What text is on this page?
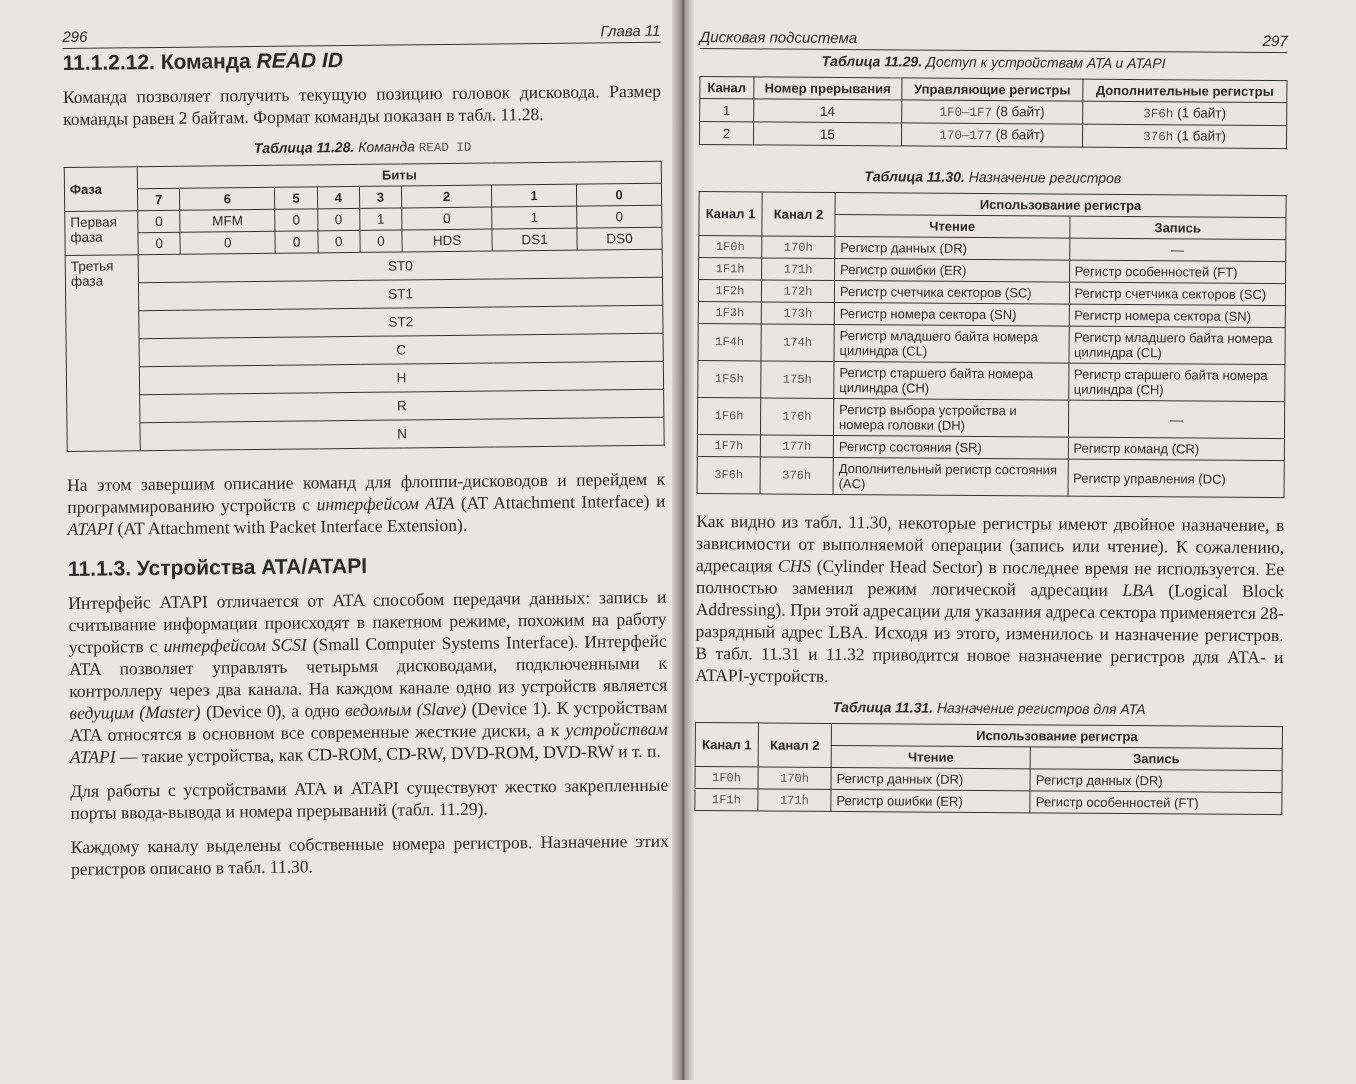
296	Глава 11
11.1.2.12. Команда READ ID

Команда позволяет получить текущую позицию головок дисковода. Размер команды равен 2 байтам. Формат команды показан в табл. 11.28.

Таблица 11.28. Команда READ ID
Фаза	Биты							
	7	6	5	4	3	2	1	0
Первая фаза	0	MFM	0	0	1	0	1	0
	0	0	0	0	0	HDS	DS1	DS0
Третья фаза	ST0							
	ST1							
	ST2							
	C							
	H							
	R							
	N							

На этом завершим описание команд для флоппи-дисководов и перейдем к программированию устройств с интерфейсом ATA (AT Attachment Interface) и ATAPI (AT Attachment with Packet Interface Extension).

11.1.3. Устройства ATA/ATAPI

Интерфейс ATAPI отличается от ATA способом передачи данных: запись и считывание информации происходят в пакетном режиме, похожим на работу устройств с интерфейсом SCSI (Small Computer Systems Interface). Интерфейс ATA позволяет управлять четырьмя дисководами, подключенными к контроллеру через два канала. На каждом канале одно из устройств является ведущим (Master) (Device 0), а одно ведомым (Slave) (Device 1). К устройствам ATA относятся в основном все современные жесткие диски, а к устройствам ATAPI — такие устройства, как CD-ROM, CD-RW, DVD-ROM, DVD-RW и т. п.

Для работы с устройствами ATA и ATAPI существуют жестко закрепленные порты ввода-вывода и номера прерываний (табл. 11.29).

Каждому каналу выделены собственные номера регистров. Назначение этих регистров описано в табл. 11.30.

Дисковая подсистема	297
Таблица 11.29. Доступ к устройствам ATA и ATAPI
Канал	Номер прерывания	Управляющие регистры	Дополнительные регистры
1	14	1F0—1F7 (8 байт)	3F6h (1 байт)
2	15	170—177 (8 байт)	376h (1 байт)
Таблица 11.30. Назначение регистров
Канал 1	Канал 2	Использование регистра	
		Чтение	Запись
1F0h	170h	Регистр данных (DR)	—
1F1h	171h	Регистр ошибки (ER)	Регистр особенностей (FT)
1F2h	172h	Регистр счетчика секторов (SC)	Регистр счетчика секторов (SC)
1F3h	173h	Регистр номера сектора (SN)	Регистр номера сектора (SN)
1F4h	174h	Регистр младшего байта номера цилиндра (CL)	Регистр младшего байта номера цилиндра (CL)
1F5h	175h	Регистр старшего байта номера цилиндра (CH)	Регистр старшего байта номера цилиндра (CH)
1F6h	176h	Регистр выбора устройства и номера головки (DH)	—
1F7h	177h	Регистр состояния (SR)	Регистр команд (CR)
3F6h	376h	Дополнительный регистр состояния (AC)	Регистр управления (DC)

Как видно из табл. 11.30, некоторые регистры имеют двойное назначение, в зависимости от выполняемой операции (запись или чтение). К сожалению, адресация CHS (Cylinder Head Sector) в последнее время не используется. Ее полностью заменил режим логической адресации LBA (Logical Block Addressing). При этой адресации для указания адреса сектора применяется 28-разрядный адрес LBA. Исходя из этого, изменилось и назначение регистров. В табл. 11.31 и 11.32 приводится новое назначение регистров для ATA- и ATAPI-устройств.

Таблица 11.31. Назначение регистров для ATA
Канал 1	Канал 2	Использование регистра	
		Чтение	Запись
1F0h	170h	Регистр данных (DR)	Регистр данных (DR)
1F1h	171h	Регистр ошибки (ER)	Регистр особенностей (FT)
